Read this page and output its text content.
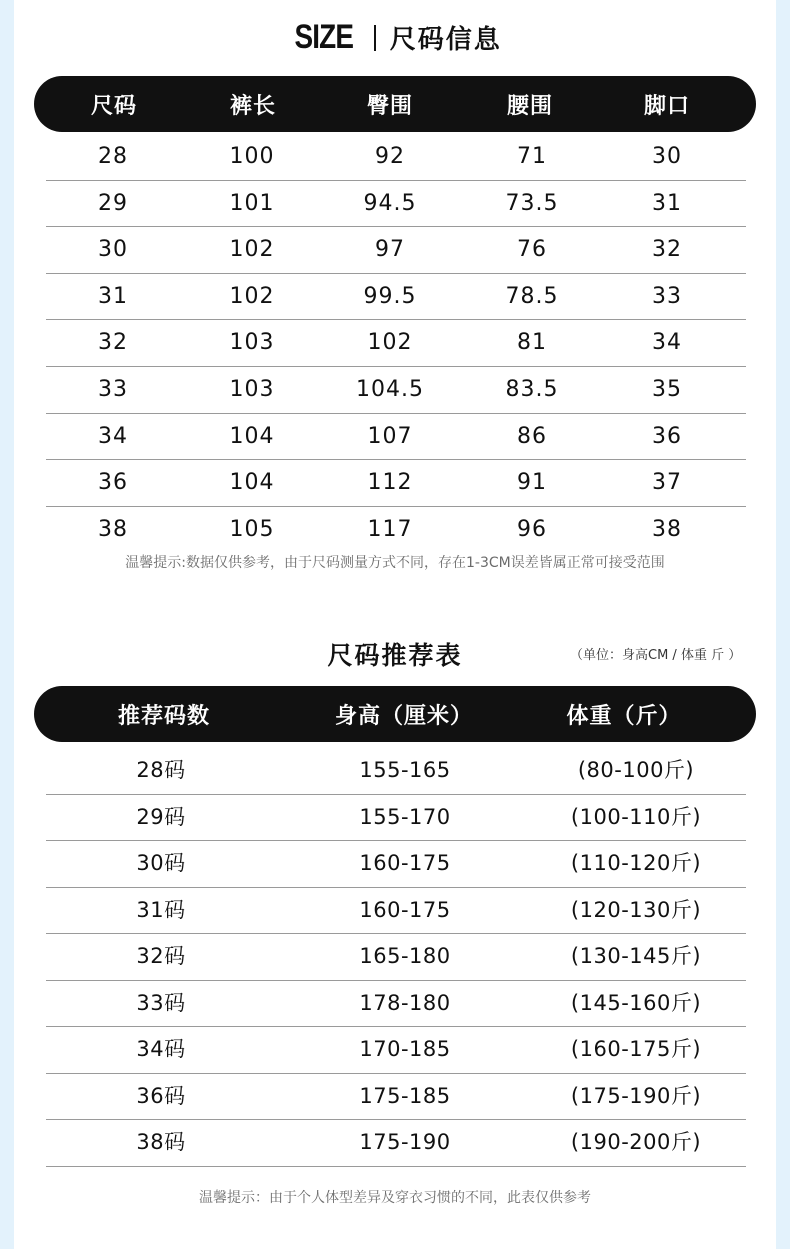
SIZE 尺码信息
尺码	裤长	臀围	腰围	脚口
28	100	92	71	30
29	101	94.5	73.5	31
30	102	97	76	32
31	102	99.5	78.5	33
32	103	102	81	34
33	103	104.5	83.5	35
34	104	107	86	36
36	104	112	91	37
38	105	117	96	38
温馨提示:数据仅供参考，由于尺码测量方式不同，存在1-3CM误差皆属正常可接受范围
尺码推荐表	（单位：身高CM / 体重 斤 ）
推荐码数	身高（厘米）	体重（斤）
28码	155-165	(80-100斤)
29码	155-170	(100-110斤)
30码	160-175	(110-120斤)
31码	160-175	(120-130斤)
32码	165-180	(130-145斤)
33码	178-180	(145-160斤)
34码	170-185	(160-175斤)
36码	175-185	(175-190斤)
38码	175-190	(190-200斤)
温馨提示：由于个人体型差异及穿衣习惯的不同，此表仅供参考
